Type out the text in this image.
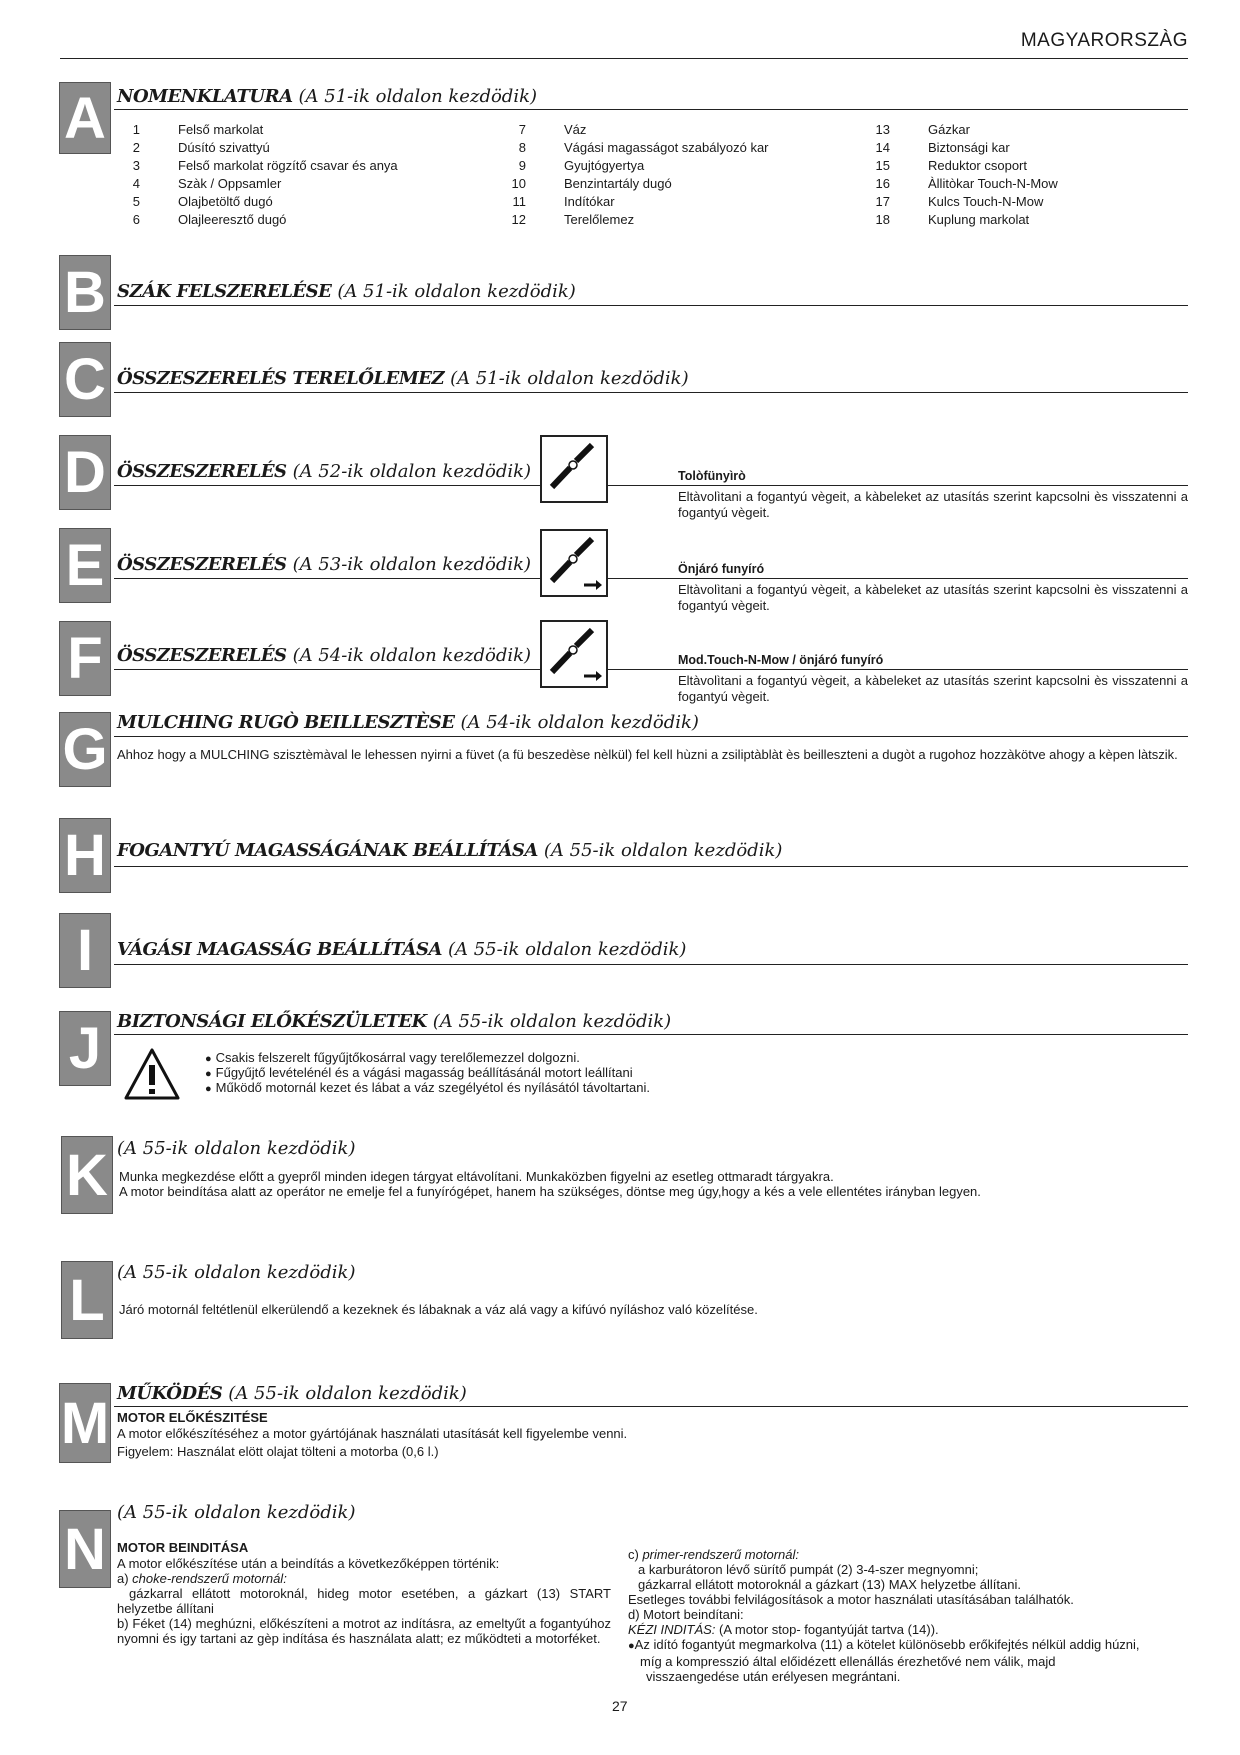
MAGYARORSZÀG
A NOMENKLATURA (A 51-ik oldalon kezdödik)
1	Felső markolat
2	Dúsító szivattyú
3	Felső markolat rögzítő csavar és anya
4	Szàk / Oppsamler
5	Olajbetöltő dugó
6	Olajleeresztő dugó
7	Váz
8	Vágási magasságot szabályozó kar
9	Gyujtógyertya
10	Benzintartály dugó
11	Indítókar
12	Terelőlemez
13	Gázkar
14	Biztonsági kar
15	Reduktor csoport
16	Àllitòkar Touch-N-Mow
17	Kulcs Touch-N-Mow
18	Kuplung markolat
B SZÁK FELSZERELÉSE (A 51-ik oldalon kezdödik)
C ÖSSZESZERELÉS TERELŐLEMEZ (A 51-ik oldalon kezdödik)
D ÖSSZESZERELÉS (A 52-ik oldalon kezdödik)	Tolòfünyìrò
Eltàvolìtani a fogantyú vègeit, a kàbeleket az utasítás szerint kapcsolni ès visszatenni a fogantyú vègeit.
E ÖSSZESZERELÉS (A 53-ik oldalon kezdödik)	Önjáró funyíró
Eltàvolìtani a fogantyú vègeit, a kàbeleket az utasítás szerint kapcsolni ès visszatenni a fogantyú vègeit.
F ÖSSZESZERELÉS (A 54-ik oldalon kezdödik)	Mod.Touch-N-Mow / önjáró funyíró
Eltàvolìtani a fogantyú vègeit, a kàbeleket az utasítás szerint kapcsolni ès visszatenni a fogantyú vègeit.
G MULCHING RUGÒ BEILLESZTÈSE (A 54-ik oldalon kezdödik)
Ahhoz hogy a MULCHING szisztèmàval le lehessen nyirni a füvet (a fü beszedèse nèlkül) fel kell hùzni a zsiliptàblàt ès beilleszteni a dugòt a rugohoz hozzàkötve ahogy a kèpen làtszik.
H FOGANTYÚ MAGASSÁGÁNAK BEÁLLÍTÁSA (A 55-ik oldalon kezdödik)
I	VÁGÁSI MAGASSÁG BEÁLLÍTÁSA (A 55-ik oldalon kezdödik)
J BIZTONSÁGI ELŐKÉSZÜLETEK (A 55-ik oldalon kezdödik)
● Csakis felszerelt fűgyűjtőkosárral vagy terelőlemezzel dolgozni.
● Fűgyűjtő levételénél és a vágási magasság beállításánál motort leállítani
● Működő motornál kezet és lábat a váz szegélyétol és nyílásától távoltartani.
K (A 55-ik oldalon kezdödik)
Munka megkezdése előtt a gyepről minden idegen tárgyat eltávolítani. Munkaközben figyelni az esetleg ottmaradt tárgyakra.
A motor beindítása alatt az operátor ne emelje fel a funyírógépet, hanem ha szükséges, döntse meg úgy,hogy a kés a vele ellentétes irányban legyen.
L (A 55-ik oldalon kezdödik)
Járó motornál feltétlenül elkerülendő a kezeknek és lábaknak a váz alá vagy a kifúvó nyíláshoz való közelítése.
M MŰKÖDÉS (A 55-ik oldalon kezdödik)
MOTOR ELŐKÉSZITÉSE
A motor előkészítéséhez a motor gyártójának használati utasítását kell figyelembe venni.
Figyelem: Használat elött olajat tölteni a motorba (0,6 l.)
N
(A 55-ik oldalon kezdödik)
MOTOR BEINDITÁSA
A motor előkészítése után a beindítás a következőképpen történik:
a) choke-rendszerű motornál:
gázkarral ellátott motoroknál, hideg motor esetében, a gázkart (13) START helyzetbe állítani
b) Féket (14) meghúzni, előkészíteni a motrot az indításra, az emeltyűt a fogantyúhoz nyomni és igy tartani az gèp indítása és használata alatt; ez működteti a motorféket.
c) primer-rendszerű motornál:
a karburátoron lévő sürítő pumpát (2) 3-4-szer megnyomni;
gázkarral ellátott motoroknál a gázkart (13) MAX helyzetbe állítani.
Esetleges további felvilágosítások a motor használati utasításában találhatók.
d) Motort beindítani:
KÉZI INDITÁS: (A motor stop- fogantyúját tartva (14)).
●Az idító fogantyút megmarkolva (11) a kötelet különösebb erőkifejtés nélkül addig húzni,
míg a kompresszió által előidézett ellenállás érezhetővé nem válik, majd
visszaengedése után erélyesen megrántani.
27
